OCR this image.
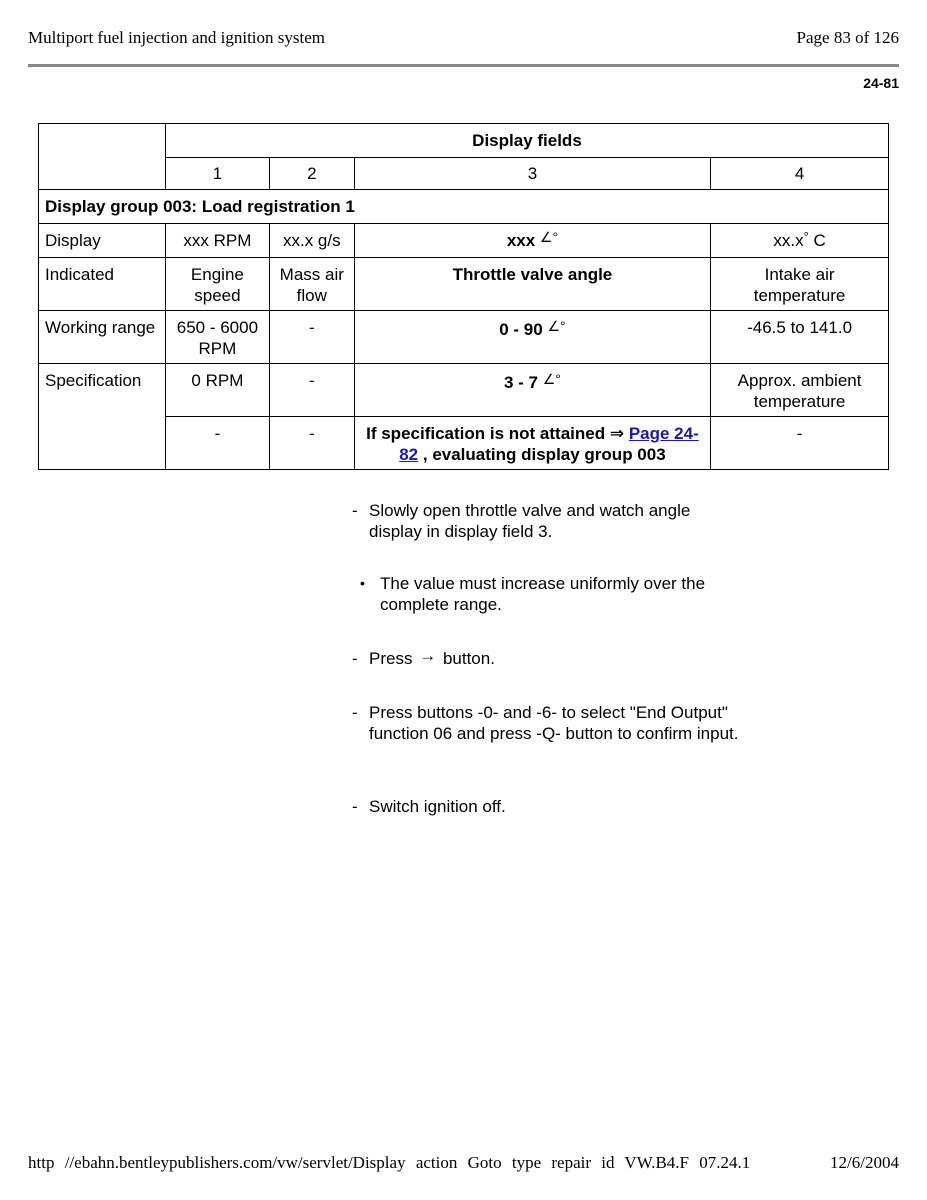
Multiport fuel injection and ignition system	Page 83 of 126
24-81
	Display fields			
	1	2	3	4
Display group 003: Load registration 1				
Display	xxx RPM	xx.x g/s	xxx ∠°	xx.x° C
Indicated	Engine speed	Mass air flow	Throttle valve angle	Intake air temperature
Working range	650 - 6000 RPM	-	0 - 90 ∠°	-46.5 to 141.0
Specification	0 RPM	-	3 - 7 ∠°	Approx. ambient temperature
	-	-	If specification is not attained ⇒ Page 24-82 , evaluating display group 003	-
- Slowly open throttle valve and watch angle display in display field 3.
• The value must increase uniformly over the complete range.
- Press → button.
- Press buttons -0- and -6- to select "End Output" function 06 and press -Q- button to confirm input.
- Switch ignition off.
http //ebahn.bentleypublishers.com/vw/servlet/Display action Goto type repair id VW.B4.F 07.24.1	12/6/2004
